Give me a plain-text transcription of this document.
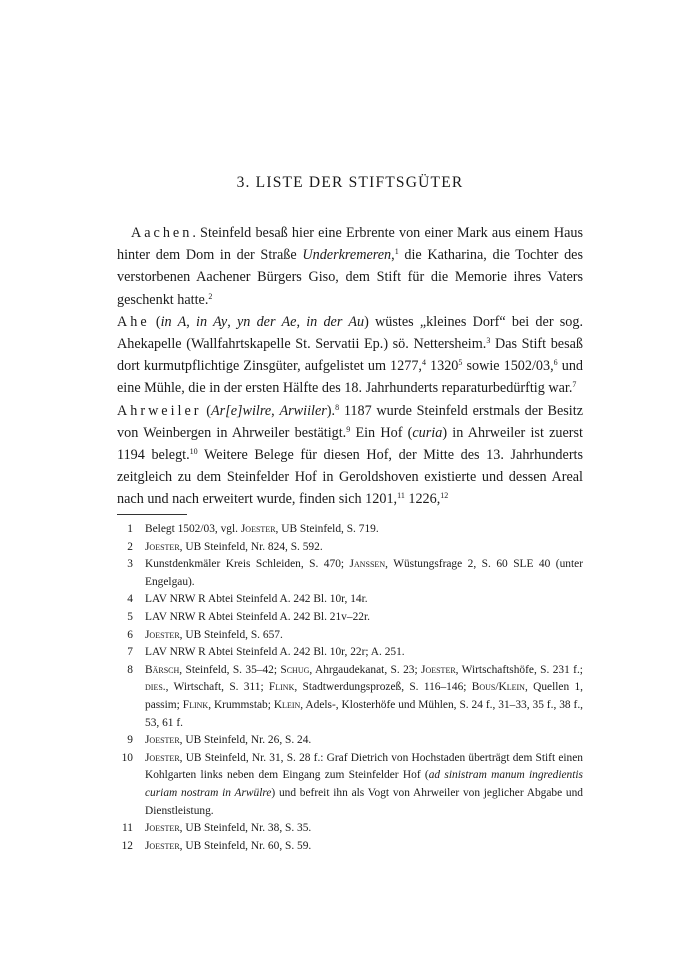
3. LISTE DER STIFTSGÜTER

Aachen. Steinfeld besaß hier eine Erbrente von einer Mark aus einem Haus hinter dem Dom in der Straße Underkremeren,$^1$ die Katharina, die Tochter des verstorbenen Aachener Bürgers Giso, dem Stift für die Memorie ihres Vaters geschenkt hatte.$^2$

Ahe (in A, in Ay, yn der Ae, in der Au) wüstes „kleines Dorf“ bei der sog. Ahekapelle (Wallfahrtskapelle St. Servatii Ep.) sö. Nettersheim.$^3$ Das Stift besaß dort kurmutpflichtige Zinsgüter, aufgelistet um 1277,$^4$ 1320$^5$ sowie 1502/03,$^6$ und eine Mühle, die in der ersten Hälfte des 18. Jahrhunderts reparaturbedürftig war.$^7$

Ahrweiler (Ar[e]wilre, Arwiiler).$^8$ 1187 wurde Steinfeld erstmals der Besitz von Weinbergen in Ahrweiler bestätigt.$^9$ Ein Hof (curia) in Ahrweiler ist zuerst 1194 belegt.$^{10}$ Weitere Belege für diesen Hof, der Mitte des 13. Jahrhunderts zeitgleich zu dem Steinfelder Hof in Geroldshoven existierte und dessen Areal nach und nach erweitert wurde, finden sich 1201,11 1226,12

1 Belegt 1502/03, vgl. Joester, UB Steinfeld, S. 719.
2 Joester, UB Steinfeld, Nr. 824, S. 592.
3 Kunstdenkmäler Kreis Schleiden, S. 470; Janssen, Wüstungsfrage 2, S. 60 SLE 40 (unter Engelgau).
4 LAV NRW R Abtei Steinfeld A. 242 Bl. 10r, 14r.
5 LAV NRW R Abtei Steinfeld A. 242 Bl. 21v–22r.
6 Joester, UB Steinfeld, S. 657.
7 LAV NRW R Abtei Steinfeld A. 242 Bl. 10r, 22r; A. 251.
8 Bärsch, Steinfeld, S. 35–42; Schug, Ahrgaudekanat, S. 23; Joester, Wirtschaftshöfe, S. 231 f.; dies., Wirtschaft, S. 311; Flink, Stadtwerdungsprozeß, S. 116–146; Bous/Klein, Quellen 1, passim; Flink, Krummstab; Klein, Adels-, Klosterhöfe und Mühlen, S. 24 f., 31–33, 35 f., 38 f., 53, 61 f.
9 Joester, UB Steinfeld, Nr. 26, S. 24.
10 Joester, UB Steinfeld, Nr. 31, S. 28 f.: Graf Dietrich von Hochstaden überträgt dem Stift einen Kohlgarten links neben dem Eingang zum Steinfelder Hof (ad sinistram manum ingredientis curiam nostram in Arwülre) und befreit ihn als Vogt von Ahrweiler von jeglicher Abgabe und Dienstleistung.
11 Joester, UB Steinfeld, Nr. 38, S. 35.
12 Joester, UB Steinfeld, Nr. 60, S. 59.
